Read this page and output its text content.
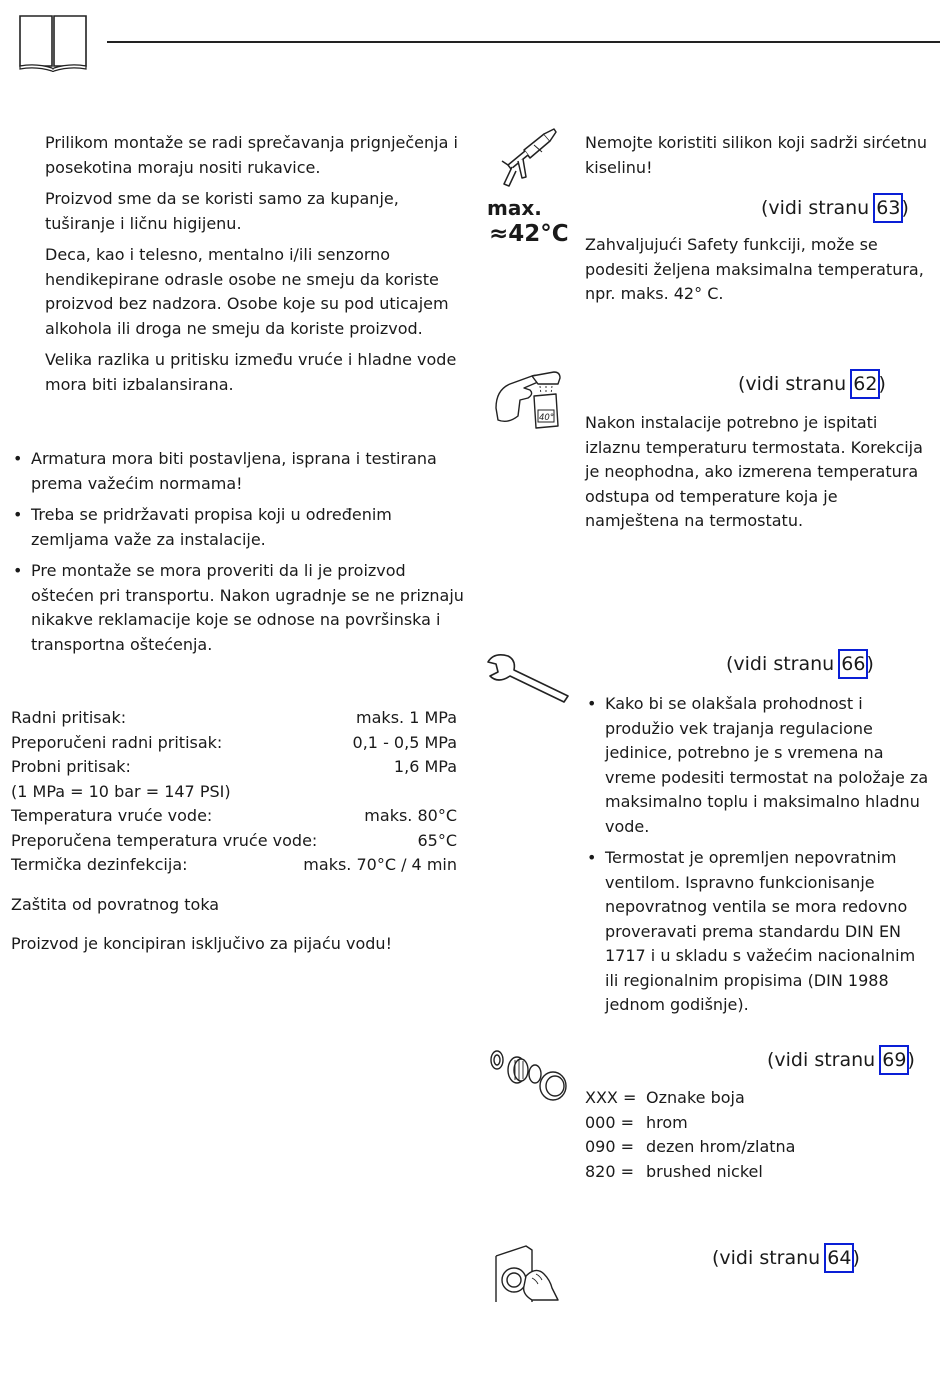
Prilikom montaže se radi sprečavanja prignječenja i posekotina moraju nositi rukavice.

Proizvod sme da se koristi samo za kupanje, tuširanje i ličnu higijenu.

Deca, kao i telesno, mentalno i/ili senzorno hendikepirane odrasle osobe ne smeju da koriste proizvod bez nadzora. Osobe koje su pod uticajem alkohola ili droga ne smeju da koriste proizvod.

Velika razlika u pritisku između vruće i hladne vode mora biti izbalansirana.

• Armatura mora biti postavljena, isprana i testirana prema važećim normama!
• Treba se pridržavati propisa koji u određenim zemljama važe za instalacije.
• Pre montaže se mora proveriti da li je proizvod oštećen pri transportu. Nakon ugradnje se ne priznaju nikakve reklamacije koje se odnose na površinska i transportna oštećenja.
Radni pritisak:	maks. 1 MPa
Preporučeni radni pritisak:	0,1 - 0,5 MPa
Probni pritisak:	1,6 MPa
(1 MPa = 10 bar = 147 PSI)
Temperatura vruće vode:	maks. 80°C
Preporučena temperatura vruće vode:	65°C
Termička dezinfekcija:	maks. 70°C / 4 min

Zaštita od povratnog toka

Proizvod je koncipiran isključivo za pijaću vodu!

Nemojte koristiti silikon koji sadrži sirćetnu kiselinu!

max.
≈42°C
(vidi stranu 63)

Zahvaljujući Safety funkciji, može se podesiti željena maksimalna temperatura, npr. maks. 42° C.

40°
(vidi stranu 62)

Nakon instalacije potrebno je ispitati izlaznu temperaturu termostata. Korekcija je neophodna, ako izmerena temperatura odstupa od temperature koja je namještena na termostatu.

(vidi stranu 66)
• Kako bi se olakšala prohodnost i produžio vek trajanja regulacione jedinice, potrebno je s vremena na vreme podesiti termostat na položaje za maksimalno toplu i maksimalno hladnu vode.
• Termostat je opremljen nepovratnim ventilom. Ispravno funkcionisanje nepovratnog ventila se mora redovno proveravati prema standardu DIN EN 1717 i u skladu s važećim nacionalnim ili regionalnim propisima (DIN 1988 jednom godišnje).
(vidi stranu 69)
XXX = Oznake boja
000 = hrom
090 = dezen hrom/zlatna
820 = brushed nickel
(vidi stranu 64)
